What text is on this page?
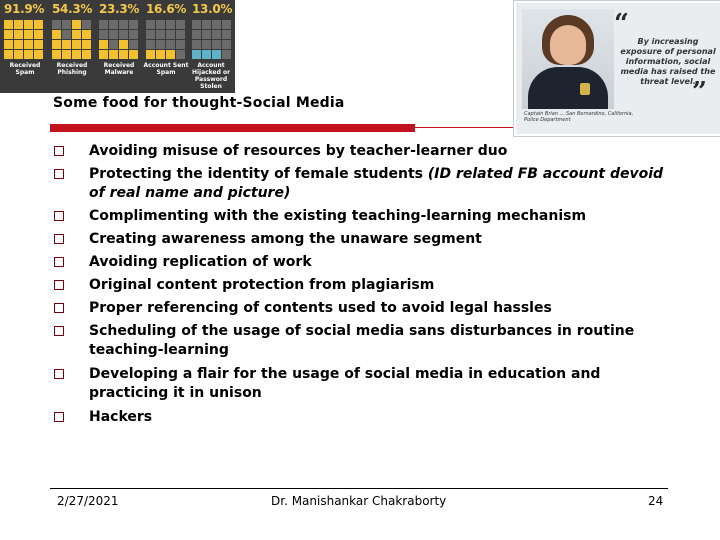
91.9% 54.3% 23.3% 16.6% 13.0%
Received Spam
Received Phishing
Received Malware
Account Sent Spam
Account Hijacked or Password Stolen
“
By increasing exposure of personal information, social media has raised the threat level.
”
Captain Brian ... San Bernardino, California, Police Department
Some food for thought-Social Media
Avoiding misuse of resources by teacher-learner duo
Protecting the identity of female students (ID related FB account devoid of real name and picture)
Complimenting with the existing teaching-learning mechanism
Creating awareness among the unaware segment
Avoiding replication of work
Original content protection from plagiarism
Proper referencing of contents used to avoid legal hassles
Scheduling of the usage of social media sans disturbances in routine teaching-learning
Developing a flair for the usage of social media in education and practicing it in unison
Hackers
2/27/2021	Dr. Manishankar Chakraborty	24
